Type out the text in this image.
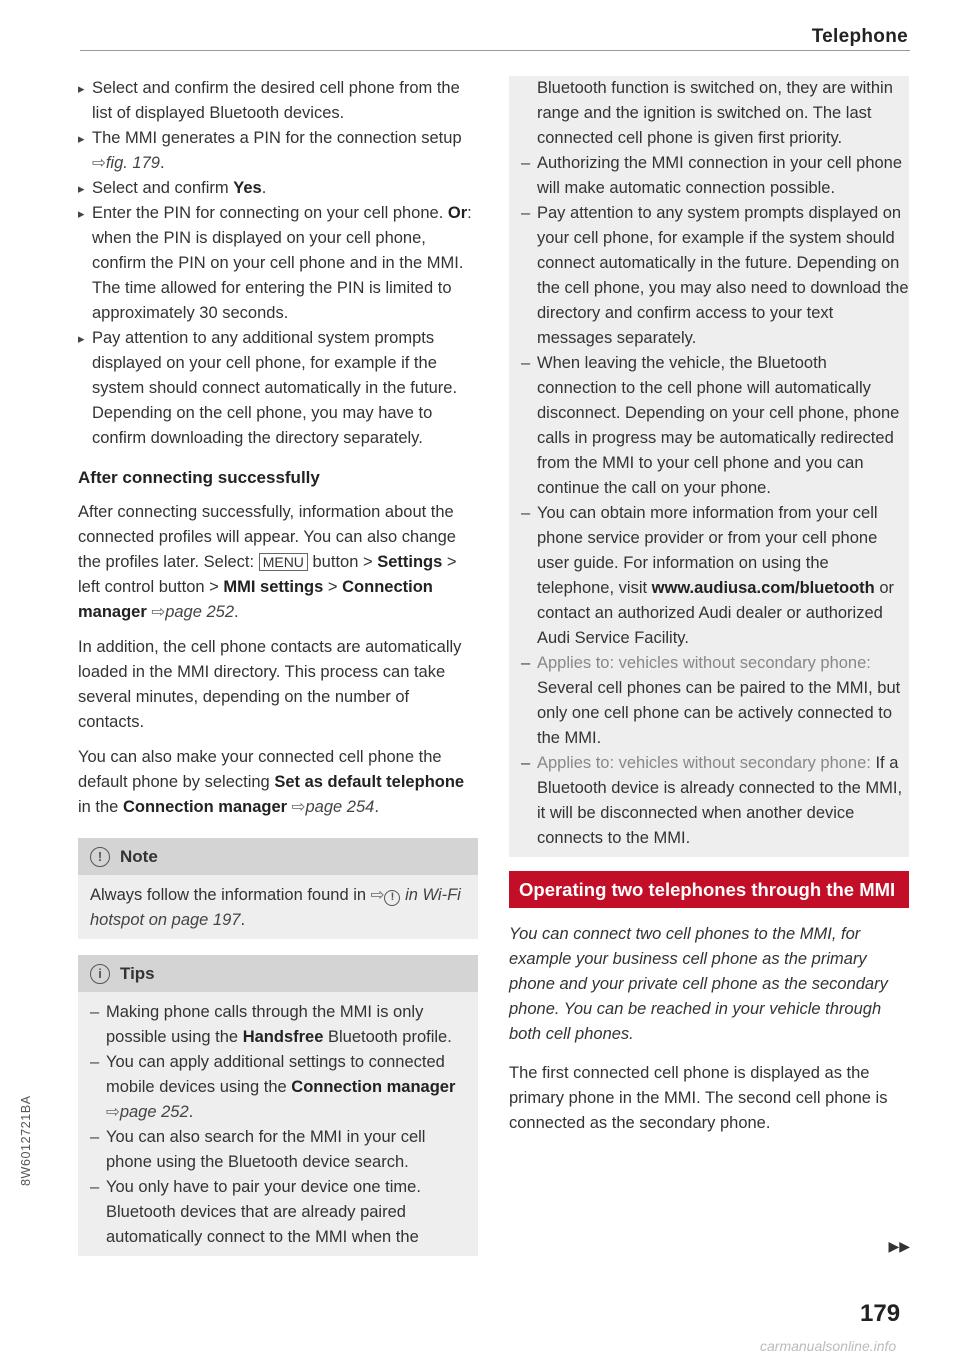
Telephone
▸ Select and confirm the desired cell phone from the list of displayed Bluetooth devices.
▸ The MMI generates a PIN for the connection setup ⇨fig. 179.
▸ Select and confirm Yes.
▸ Enter the PIN for connecting on your cell phone. Or: when the PIN is displayed on your cell phone, confirm the PIN on your cell phone and in the MMI. The time allowed for entering the PIN is limited to approximately 30 seconds.
▸ Pay attention to any additional system prompts displayed on your cell phone, for example if the system should connect automatically in the future. Depending on the cell phone, you may have to confirm downloading the directory separately.
After connecting successfully

After connecting successfully, information about the connected profiles will appear. You can also change the profiles later. Select: MENU button > Settings > left control button > MMI settings > Connection manager ⇨page 252.

In addition, the cell phone contacts are automatically loaded in the MMI directory. This process can take several minutes, depending on the number of contacts.

You can also make your connected cell phone the default phone by selecting Set as default telephone in the Connection manager ⇨page 254.

!	Note
Always follow the information found in ⇨ ! in Wi-Fi hotspot on page 197.
i	Tips
– Making phone calls through the MMI is only possible using the Handsfree Bluetooth profile.
– You can apply additional settings to connected mobile devices using the Connection manager ⇨page 252.
– You can also search for the MMI in your cell phone using the Bluetooth device search.
– You only have to pair your device one time. Bluetooth devices that are already paired automatically connect to the MMI when the
Bluetooth function is switched on, they are within range and the ignition is switched on. The last connected cell phone is given first priority.
– Authorizing the MMI connection in your cell phone will make automatic connection possible.
– Pay attention to any system prompts displayed on your cell phone, for example if the system should connect automatically in the future. Depending on the cell phone, you may also need to download the directory and confirm access to your text messages separately.
– When leaving the vehicle, the Bluetooth connection to the cell phone will automatically disconnect. Depending on your cell phone, phone calls in progress may be automatically redirected from the MMI to your cell phone and you can continue the call on your phone.
– You can obtain more information from your cell phone service provider or from your cell phone user guide. For information on using the telephone, visit www.audiusa.com/bluetooth or contact an authorized Audi dealer or authorized Audi Service Facility.
– Applies to: vehicles without secondary phone: Several cell phones can be paired to the MMI, but only one cell phone can be actively connected to the MMI.
– Applies to: vehicles without secondary phone: If a Bluetooth device is already connected to the MMI, it will be disconnected when another device connects to the MMI.
Operating two telephones through the MMI

You can connect two cell phones to the MMI, for example your business cell phone as the primary phone and your private cell phone as the secondary phone. You can be reached in your vehicle through both cell phones.

The first connected cell phone is displayed as the primary phone in the MMI. The second cell phone is connected as the secondary phone.

▶▶
179
8W6012721BA
carmanualsonline.info
